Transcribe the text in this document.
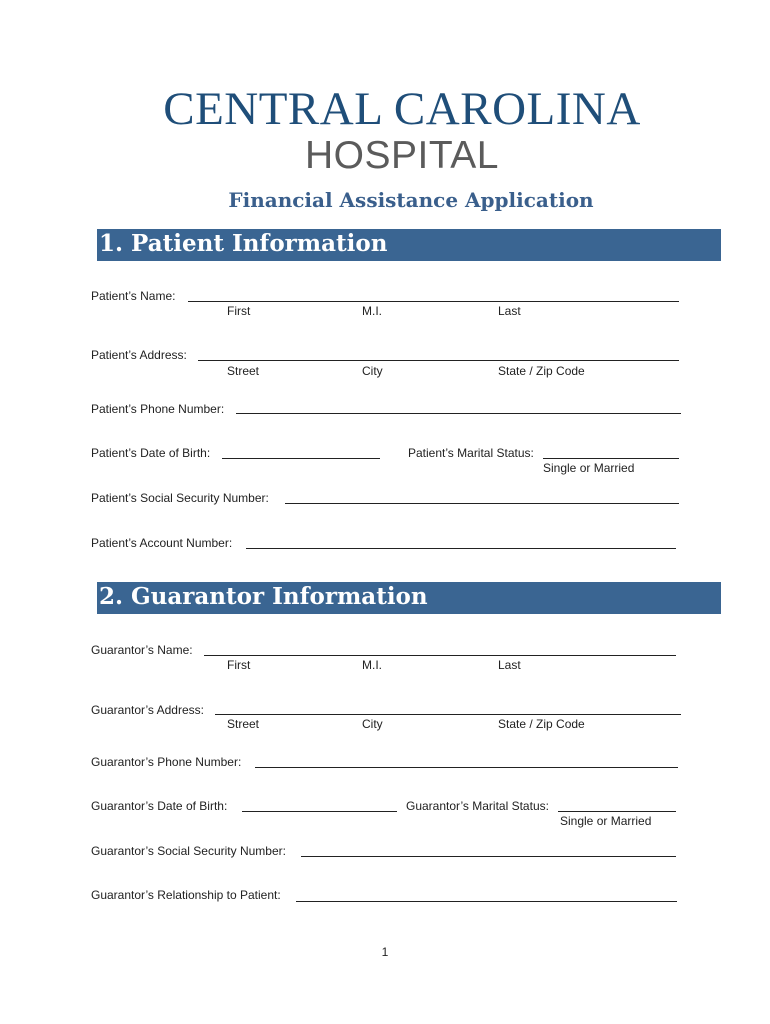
CENTRAL CAROLINA
HOSPITAL
Financial Assistance Application
1. Patient Information
Patient’s Name:
First	M.I.	Last
Patient’s Address:
Street	City	State / Zip Code
Patient’s Phone Number:
Patient’s Date of Birth:	Patient’s Marital Status:
Single or Married
Patient’s Social Security Number:
Patient’s Account Number:
2. Guarantor Information
Guarantor’s Name:
First	M.I.	Last
Guarantor’s Address:
Street	City	State / Zip Code
Guarantor’s Phone Number:
Guarantor’s Date of Birth:	Guarantor’s Marital Status:
Single or Married
Guarantor’s Social Security Number:
Guarantor’s Relationship to Patient:
1
